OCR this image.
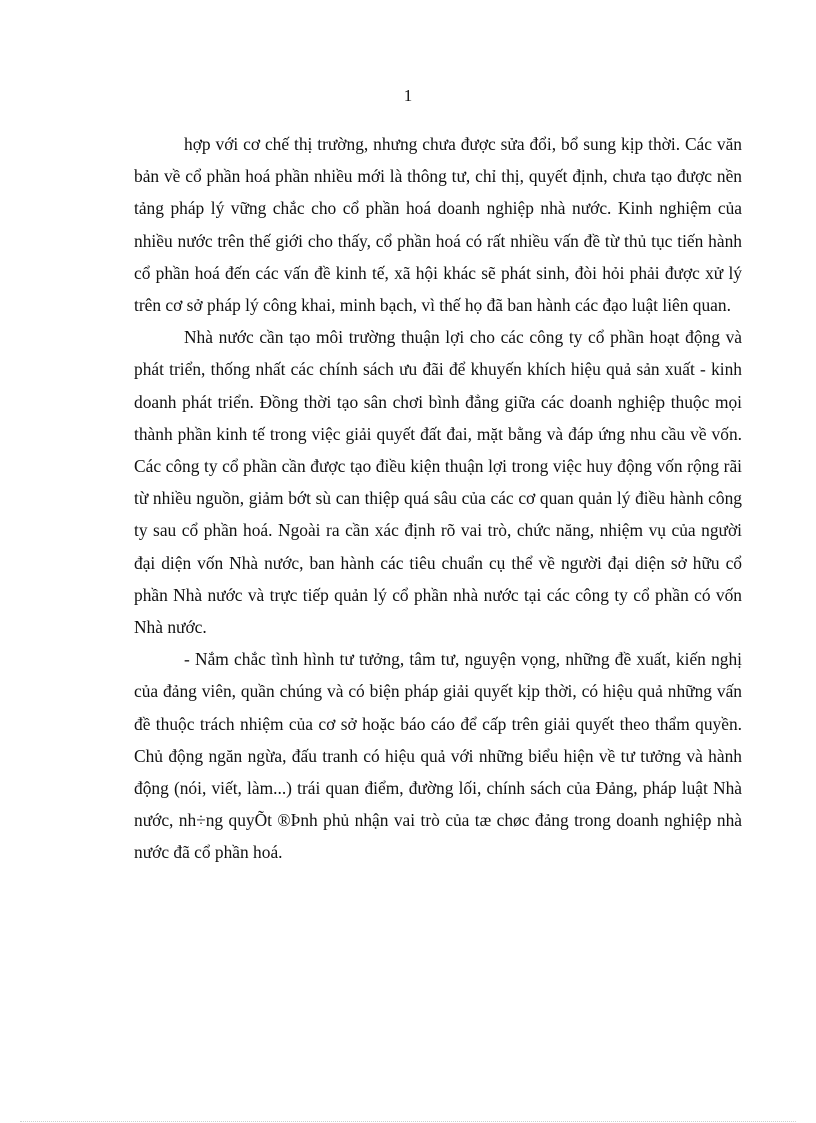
1

hợp với cơ chế thị trường, nhưng chưa được sửa đổi, bổ sung kịp thời. Các văn bản về cổ phần hoá phần nhiều mới là thông tư, chỉ thị, quyết định, chưa tạo được nền tảng pháp lý vững chắc cho cổ phần hoá doanh nghiệp nhà nước. Kinh nghiệm của nhiều nước trên thế giới cho thấy, cổ phần hoá có rất nhiều vấn đề từ thủ tục tiến hành cổ phần hoá đến các vấn đề kinh tế, xã hội khác sẽ phát sinh, đòi hỏi phải được xử lý trên cơ sở pháp lý công khai, minh bạch, vì thế họ đã ban hành các đạo luật liên quan.

Nhà nước cần tạo môi trường thuận lợi cho các công ty cổ phần hoạt động và phát triển, thống nhất các chính sách ưu đãi để khuyến khích hiệu quả sản xuất - kinh doanh phát triển. Đồng thời tạo sân chơi bình đẳng giữa các doanh nghiệp thuộc mọi thành phần kinh tế trong việc giải quyết đất đai, mặt bằng và đáp ứng nhu cầu về vốn. Các công ty cổ phần cần được tạo điều kiện thuận lợi trong việc huy động vốn rộng rãi từ nhiều nguồn, giảm bớt sù can thiệp quá sâu của các cơ quan quản lý điều hành công ty sau cổ phần hoá. Ngoài ra cần xác định rõ vai trò, chức năng, nhiệm vụ của người đại diện vốn Nhà nước, ban hành các tiêu chuẩn cụ thể về người đại diện sở hữu cổ phần Nhà nước và trực tiếp quản lý cổ phần nhà nước tại các công ty cổ phần có vốn Nhà nước.

- Nắm chắc tình hình tư tưởng, tâm tư, nguyện vọng, những đề xuất, kiến nghị của đảng viên, quần chúng và có biện pháp giải quyết kịp thời, có hiệu quả những vấn đề thuộc trách nhiệm của cơ sở hoặc báo cáo để cấp trên giải quyết theo thẩm quyền. Chủ động ngăn ngừa, đấu tranh có hiệu quả với những biểu hiện về tư tưởng và hành động (nói, viết, làm...) trái quan điểm, đường lối, chính sách của Đảng, pháp luật Nhà nước, nh÷ng quyÕt ®Þnh phủ nhận vai trò của tæ chøc đảng trong doanh nghiệp nhà nước đã cổ phần hoá.
